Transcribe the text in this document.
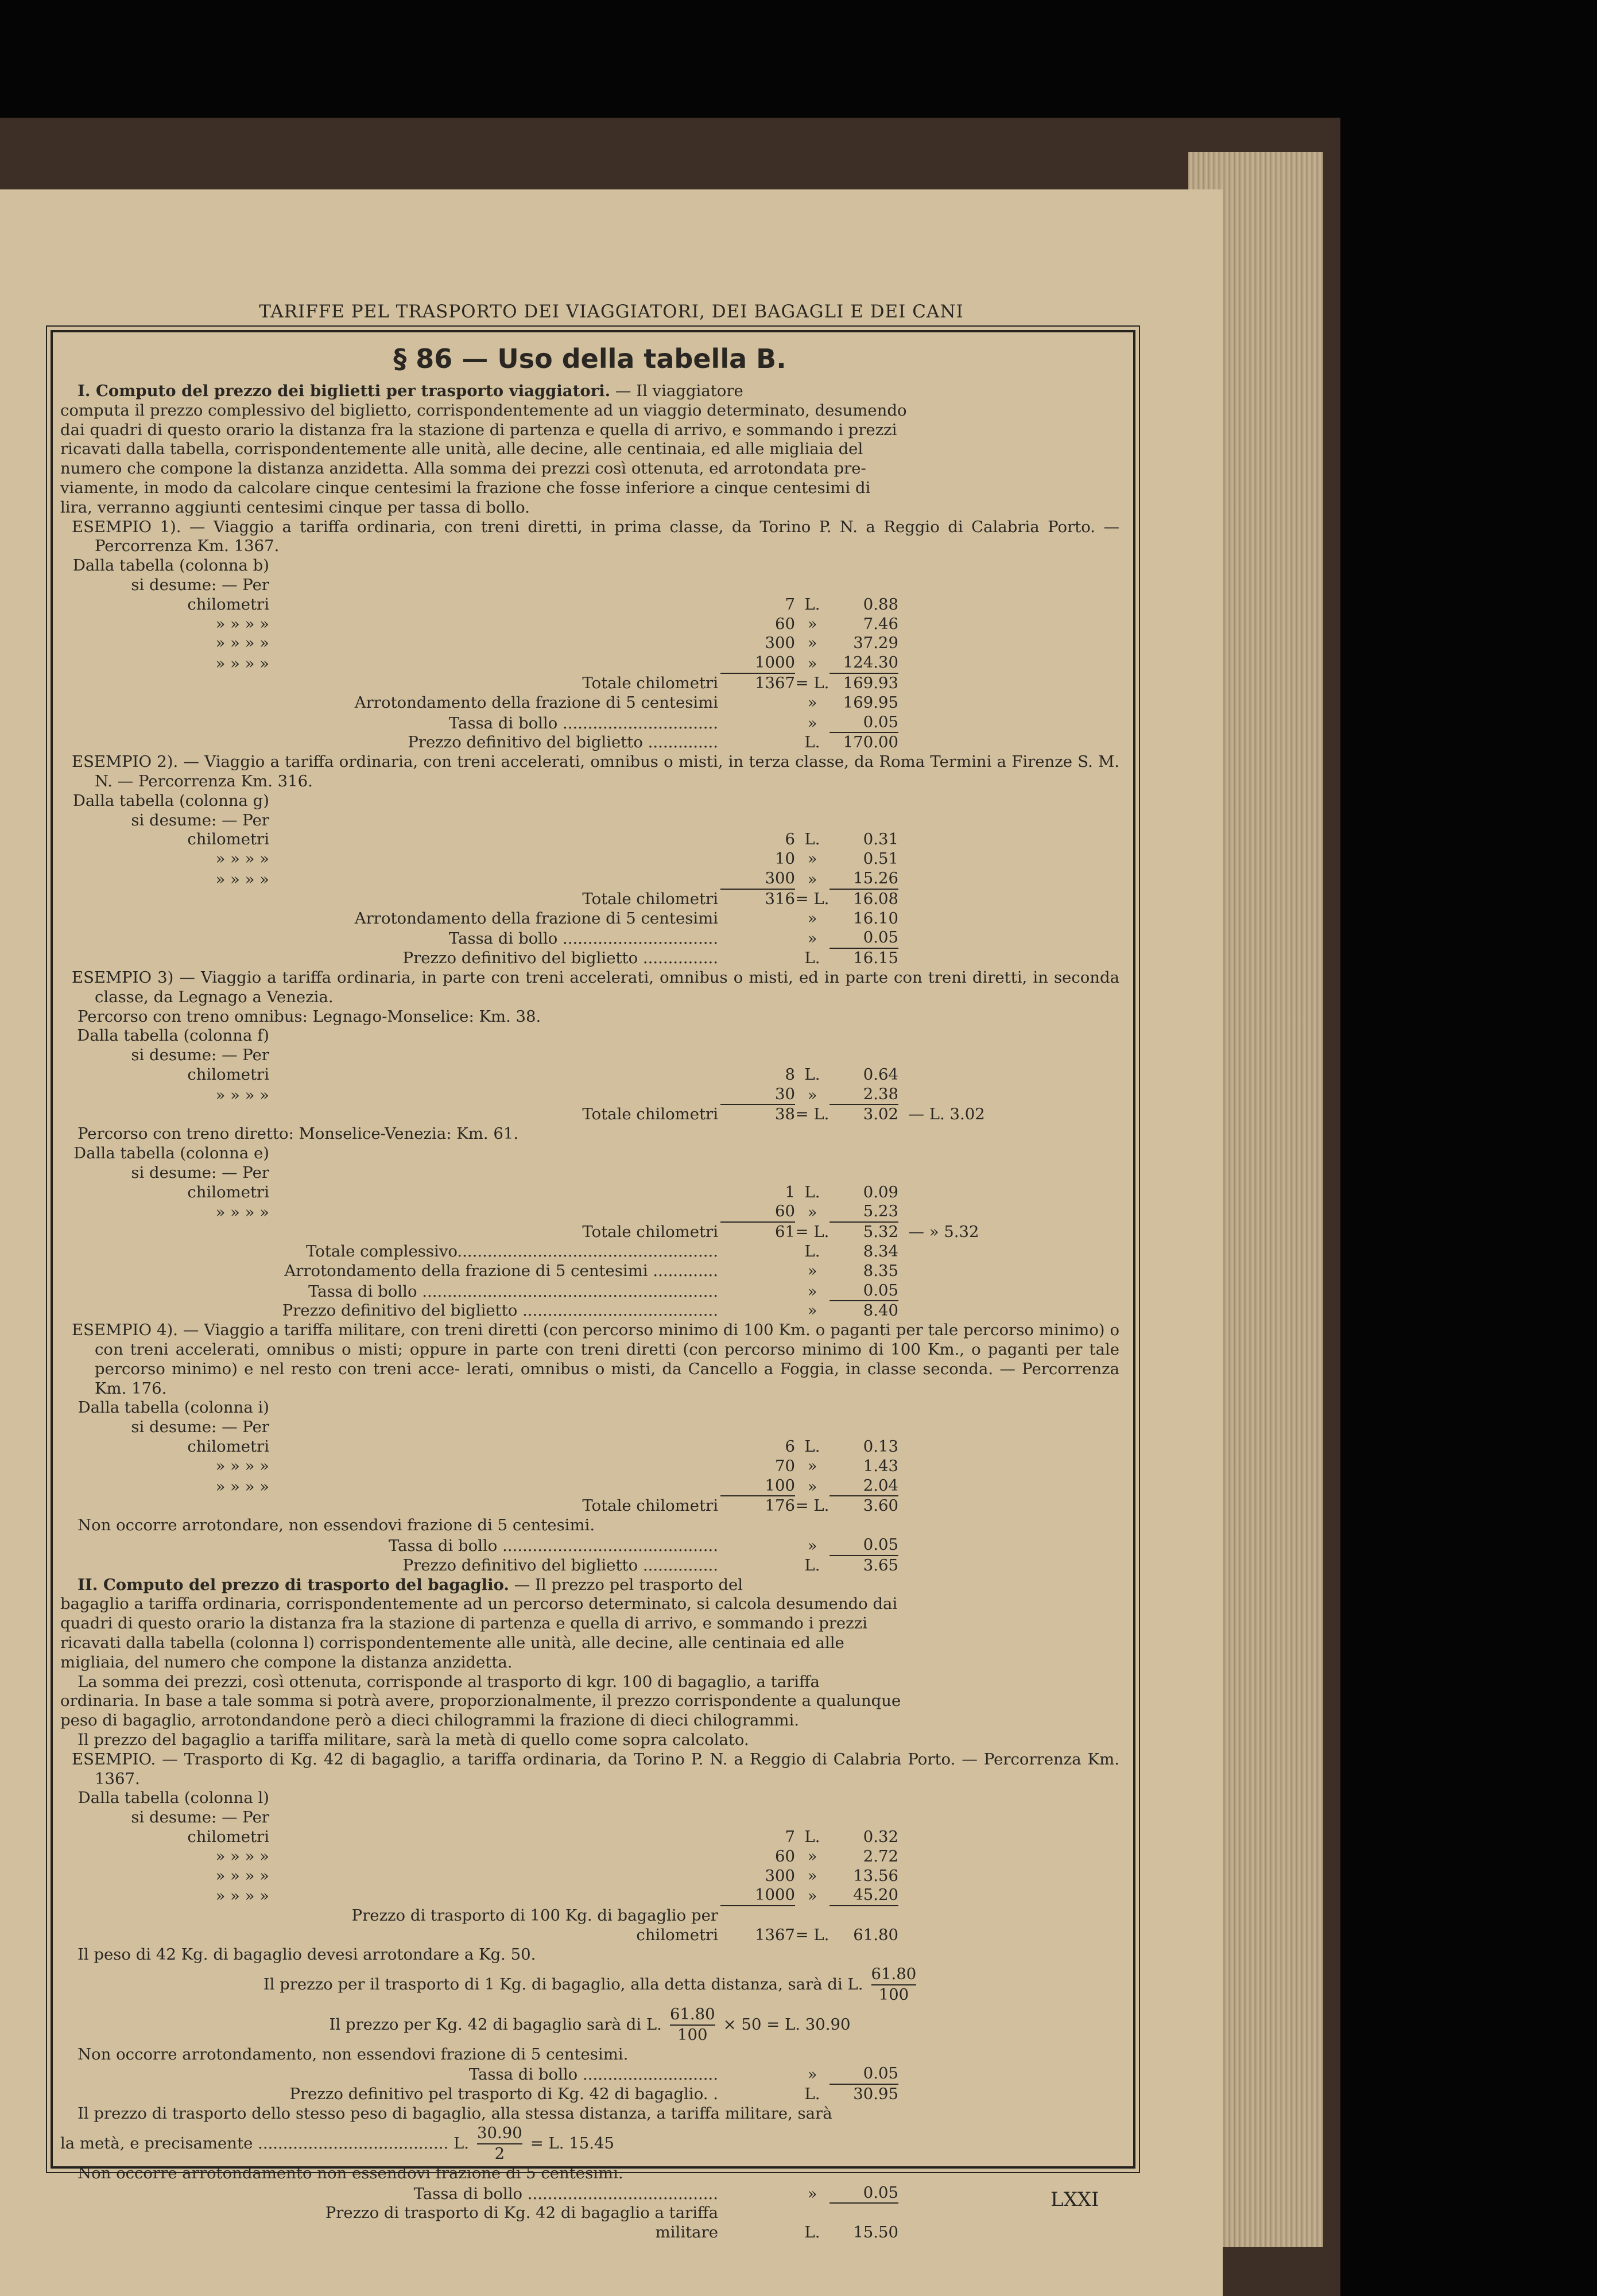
TARIFFE PEL TRASPORTO DEI VIAGGIATORI, DEI BAGAGLI E DEI CANI

§ 86 — Uso della tabella B.

I. Computo del prezzo dei biglietti per trasporto viaggiatori. — Il viaggiatore

computa il prezzo complessivo del biglietto, corrispondentemente ad un viaggio determinato, desumendo

dai quadri di questo orario la distanza fra la stazione di partenza e quella di arrivo, e sommando i prezzi

ricavati dalla tabella, corrispondentemente alle unità, alle decine, alle centinaia, ed alle migliaia del

numero che compone la distanza anzidetta. Alla somma dei prezzi così ottenuta, ed arrotondata pre-

viamente, in modo da calcolare cinque centesimi la frazione che fosse inferiore a cinque centesimi di

lira, verranno aggiunti centesimi cinque per tassa di bollo.

ESEMPIO 1). — Viaggio a tariffa ordinaria, con treni diretti, in prima classe, da Torino P. N. a Reggio di Calabria Porto. — Percorrenza Km. 1367.

Dalla tabella (colonna b) si desume: — Per chilometri	7 L.	0.88
» » » »	60 »	7.46
» » » »	300 »	37.29
» » » »	1000 »	124.30
Totale chilometri	1367 = L. 169.93
Arrotondamento della frazione di 5 centesimi	»	169.95
Tassa di bollo ...............................	»	0.05
Prezzo definitivo del biglietto ..............	L.	170.00

ESEMPIO 2). — Viaggio a tariffa ordinaria, con treni accelerati, omnibus o misti, in terza classe, da Roma Termini a Firenze S. M. N. — Percorrenza Km. 316.

Dalla tabella (colonna g) si desume: — Per chilometri	6 L.	0.31
» » » »	10 »	0.51
» » » »	300 »	15.26
Totale chilometri	316 = L.	16.08
Arrotondamento della frazione di 5 centesimi	»	16.10
Tassa di bollo ...............................	»	0.05
Prezzo definitivo del biglietto ...............	L.	16.15

ESEMPIO 3) — Viaggio a tariffa ordinaria, in parte con treni accelerati, omnibus o misti, ed in parte con treni diretti, in seconda classe, da Legnago a Venezia.

Percorso con treno omnibus: Legnago-Monselice: Km. 38.

Dalla tabella (colonna f) si desume: — Per chilometri	8 L.	0.64
» » » »	30 »	2.38
Totale chilometri	38 = L.	3.02 — L. 3.02

Percorso con treno diretto: Monselice-Venezia: Km. 61.

Dalla tabella (colonna e) si desume: — Per chilometri	1 L.	0.09
» » » »	60 »	5.23
Totale chilometri	61 = L.	5.32 — » 5.32
Totale complessivo....................................................	L.	8.34
Arrotondamento della frazione di 5 centesimi .............	»	8.35
Tassa di bollo ...........................................................	»	0.05
Prezzo definitivo del biglietto .......................................	»	8.40

ESEMPIO 4). — Viaggio a tariffa militare, con treni diretti (con percorso minimo di 100 Km. o paganti per tale percorso minimo) o con treni accelerati, omnibus o misti; oppure in parte con treni diretti (con percorso minimo di 100 Km., o paganti per tale percorso minimo) e nel resto con treni acce- lerati, omnibus o misti, da Cancello a Foggia, in classe seconda. — Percorrenza Km. 176.

Dalla tabella (colonna i) si desume: — Per chilometri	6 L.	0.13
» » » »	70 »	1.43
» » » »	100 »	2.04
Totale chilometri	176 = L.	3.60

Non occorre arrotondare, non essendovi frazione di 5 centesimi.

Tassa di bollo ...........................................	»	0.05
Prezzo definitivo del biglietto ...............	L.	3.65

II. Computo del prezzo di trasporto del bagaglio. — Il prezzo pel trasporto del

bagaglio a tariffa ordinaria, corrispondentemente ad un percorso determinato, si calcola desumendo dai

quadri di questo orario la distanza fra la stazione di partenza e quella di arrivo, e sommando i prezzi

ricavati dalla tabella (colonna l) corrispondentemente alle unità, alle decine, alle centinaia ed alle

migliaia, del numero che compone la distanza anzidetta.

La somma dei prezzi, così ottenuta, corrisponde al trasporto di kgr. 100 di bagaglio, a tariffa

ordinaria. In base a tale somma si potrà avere, proporzionalmente, il prezzo corrispondente a qualunque

peso di bagaglio, arrotondandone però a dieci chilogrammi la frazione di dieci chilogrammi.

Il prezzo del bagaglio a tariffa militare, sarà la metà di quello come sopra calcolato.

ESEMPIO. — Trasporto di Kg. 42 di bagaglio, a tariffa ordinaria, da Torino P. N. a Reggio di Calabria Porto. — Percorrenza Km. 1367.

Dalla tabella (colonna l) si desume: — Per chilometri	7 L.	0.32
» » » »	60 »	2.72
» » » »	300 »	13.56
» » » »	1000 »	45.20
Prezzo di trasporto di 100 Kg. di bagaglio per chilometri	1367 = L.	61.80

Il peso di 42 Kg. di bagaglio devesi arrotondare a Kg. 50.

Il prezzo per il trasporto di 1 Kg. di bagaglio, alla detta distanza, sarà di L. $\frac{61.80}{100}$
Il prezzo per Kg. 42 di bagaglio sarà di L. $\frac{61.80}{100} \times 50 = L$. 30.90

Non occorre arrotondamento, non essendovi frazione di 5 centesimi.

Tassa di bollo ...........................	»	0.05
Prezzo definitivo pel trasporto di Kg. 42 di bagaglio. .	L.	30.95

Il prezzo di trasporto dello stesso peso di bagaglio, alla stessa distanza, a tariffa militare, sarà

la metà, e precisamente ...................................... L. $\frac{30.90}{2} = L$. 15.45

Non occorre arrotondamento non essendovi frazione di 5 centesimi.

Tassa di bollo ......................................	»	0.05
Prezzo di trasporto di Kg. 42 di bagaglio a tariffa militare	L.	15.50
LXXI
